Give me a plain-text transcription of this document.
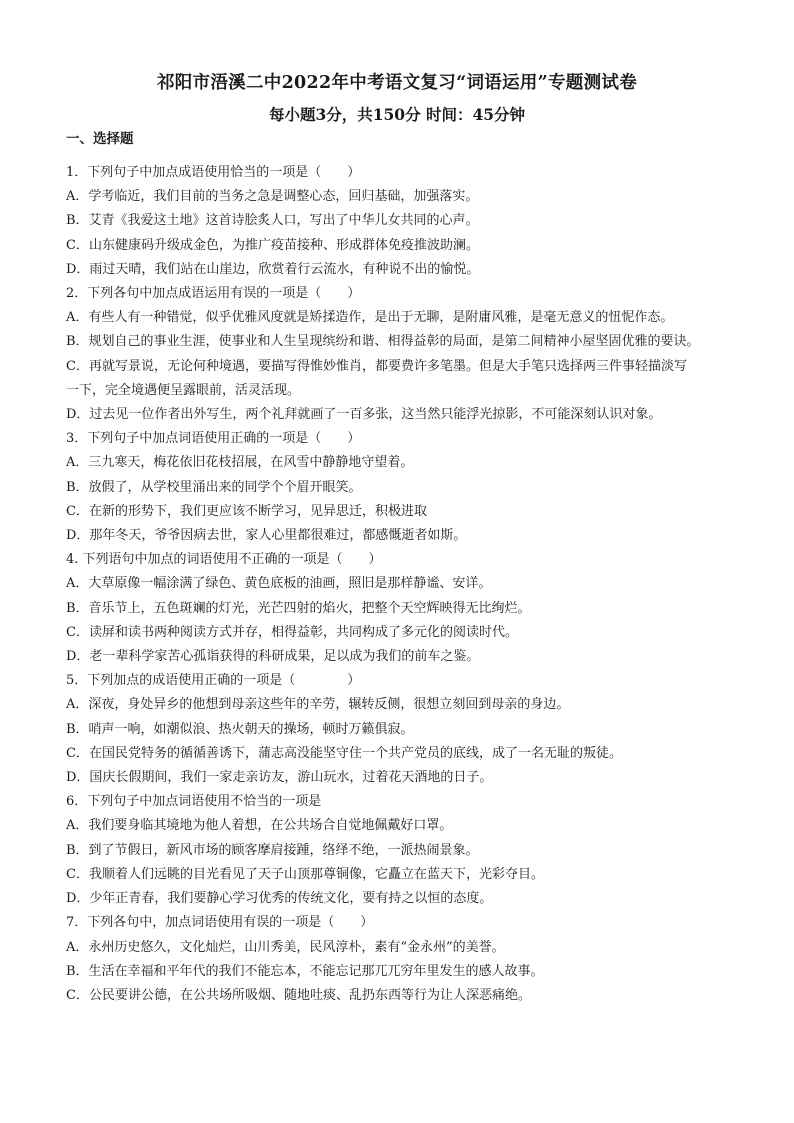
祁阳市浯溪二中2022年中考语文复习“词语运用”专题测试卷
每小题3分，共150分 时间：45分钟
一、选择题
1．下列句子中加点成语使用恰当的一项是（　　）
A．学考临近，我们目前的当务之急是调整心态，回归基础，加强落实。
B．艾青《我爱这土地》这首诗脍炙人口，写出了中华儿女共同的心声。
C．山东健康码升级成金色，为推广疫苗接种、形成群体免疫推波助澜。
D．雨过天晴，我们站在山崖边，欣赏着行云流水，有种说不出的愉悦。
2．下列各句中加点成语运用有误的一项是（　　）
A．有些人有一种错觉，似乎优雅风度就是矫揉造作，是出于无聊，是附庸风雅，是毫无意义的忸怩作态。
B．规划自己的事业生涯，使事业和人生呈现缤纷和谐、相得益彰的局面，是第二间精神小屋坚固优雅的要诀。
C．再就写景说，无论何种境遇，要描写得惟妙惟肖，都要费许多笔墨。但是大手笔只选择两三件事轻描淡写
一下，完全境遇便呈露眼前，活灵活现。
D．过去见一位作者出外写生，两个礼拜就画了一百多张，这当然只能浮光掠影，不可能深刻认识对象。
3．下列句子中加点词语使用正确的一项是（　　）
A．三九寒天，梅花依旧花枝招展，在风雪中静静地守望着。
B．放假了，从学校里涌出来的同学个个眉开眼笑。
C．在新的形势下，我们更应该不断学习，见异思迁，积极进取
D．那年冬天，爷爷因病去世，家人心里都很难过，都感慨逝者如斯。
4. 下列语句中加点的词语使用不正确的一项是（　　）
A．大草原像一幅涂满了绿色、黄色底板的油画，照旧是那样静谧、安详。
B．音乐节上，五色斑斓的灯光，光芒四射的焰火，把整个天空辉映得无比绚烂。
C．读屏和读书两种阅读方式并存，相得益彰，共同构成了多元化的阅读时代。
D．老一辈科学家苦心孤诣获得的科研成果，足以成为我们的前车之鉴。
5．下列加点的成语使用正确的一项是（　　　　）
A．深夜，身处异乡的他想到母亲这些年的辛劳，辗转反侧，很想立刻回到母亲的身边。
B．哨声一响，如潮似浪、热火朝天的操场，顿时万籁俱寂。
C．在国民党特务的循循善诱下，蒲志高没能坚守住一个共产党员的底线，成了一名无耻的叛徒。
D．国庆长假期间，我们一家走亲访友，游山玩水，过着花天酒地的日子。
6．下列句子中加点词语使用不恰当的一项是
A．我们要身临其境地为他人着想，在公共场合自觉地佩戴好口罩。
B．到了节假日，新风市场的顾客摩肩接踵，络绎不绝，一派热闹景象。
C．我顺着人们远眺的目光看见了天子山顶那尊铜像，它矗立在蓝天下，光彩夺目。
D．少年正青春，我们要静心学习优秀的传统文化，要有持之以恒的态度。
7．下列各句中，加点词语使用有误的一项是（　　）
A．永州历史悠久，文化灿烂，山川秀美，民风淳朴，素有“金永州”的美誉。
B．生活在幸福和平年代的我们不能忘本，不能忘记那兀兀穷年里发生的感人故事。
C．公民要讲公德，在公共场所吸烟、随地吐痰、乱扔东西等行为让人深恶痛绝。
